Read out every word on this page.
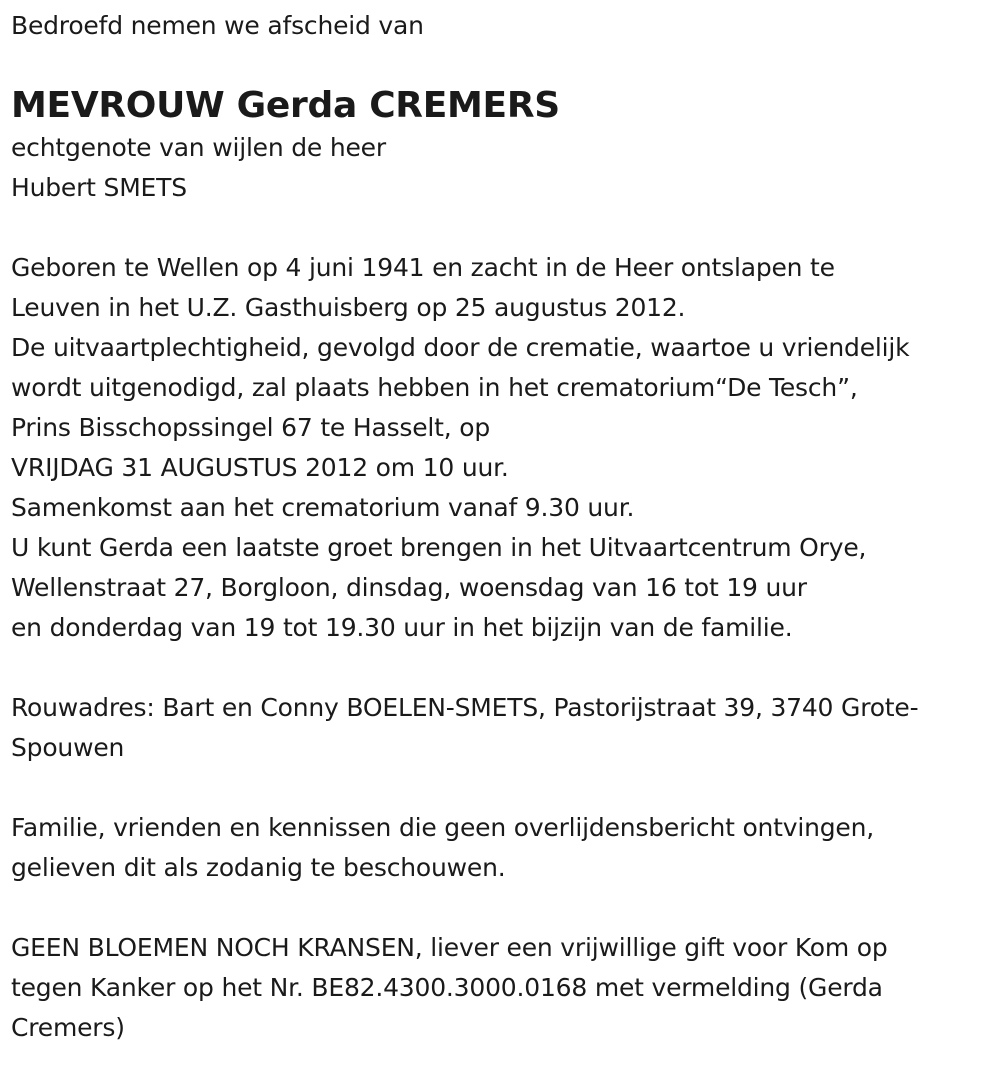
Bedroefd nemen we afscheid van
MEVROUW Gerda CREMERS
echtgenote van wijlen de heer
Hubert SMETS
Geboren te Wellen op 4 juni 1941 en zacht in de Heer ontslapen te
Leuven in het U.Z. Gasthuisberg op 25 augustus 2012.
De uitvaartplechtigheid, gevolgd door de crematie, waartoe u vriendelijk
wordt uitgenodigd, zal plaats hebben in het crematorium“De Tesch”,
Prins Bisschopssingel 67 te Hasselt, op
VRIJDAG 31 AUGUSTUS 2012 om 10 uur.
Samenkomst aan het crematorium vanaf 9.30 uur.
U kunt Gerda een laatste groet brengen in het Uitvaartcentrum Orye,
Wellenstraat 27, Borgloon, dinsdag, woensdag van 16 tot 19 uur
en donderdag van 19 tot 19.30 uur in het bijzijn van de familie.
Rouwadres: Bart en Conny BOELEN-SMETS, Pastorijstraat 39, 3740 Grote-
Spouwen
Familie, vrienden en kennissen die geen overlijdensbericht ontvingen,
gelieven dit als zodanig te beschouwen.
GEEN BLOEMEN NOCH KRANSEN, liever een vrijwillige gift voor Kom op
tegen Kanker op het Nr. BE82.4300.3000.0168 met vermelding (Gerda
Cremers)
